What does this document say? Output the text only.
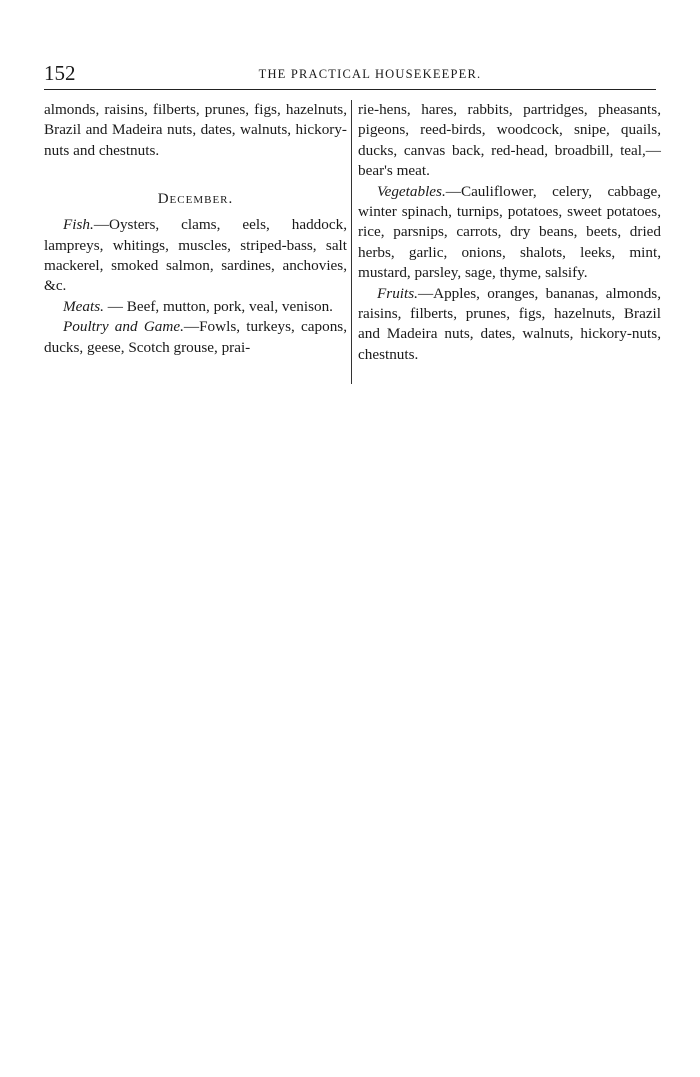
152	THE PRACTICAL HOUSEKEEPER.

almonds, raisins, filberts, prunes, figs, hazelnuts, Brazil and Madeira nuts, dates, walnuts, hickory-nuts and chestnuts.

December.

Fish.—Oysters, clams, eels, haddock, lampreys, whitings, muscles, striped-bass, salt mackerel, smoked salmon, sardines, anchovies, &c.

Meats. — Beef, mutton, pork, veal, venison.

Poultry and Game.—Fowls, turkeys, capons, ducks, geese, Scotch grouse, prai-

rie-hens, hares, rabbits, partridges, pheasants, pigeons, reed-birds, woodcock, snipe, quails, ducks, canvas back, red-head, broadbill, teal,—bear's meat.

Vegetables.—Cauliflower, celery, cabbage, winter spinach, turnips, potatoes, sweet potatoes, rice, parsnips, carrots, dry beans, beets, dried herbs, garlic, onions, shalots, leeks, mint, mustard, parsley, sage, thyme, salsify.

Fruits.—Apples, oranges, bananas, almonds, raisins, filberts, prunes, figs, hazelnuts, Brazil and Madeira nuts, dates, walnuts, hickory-nuts, chestnuts.
